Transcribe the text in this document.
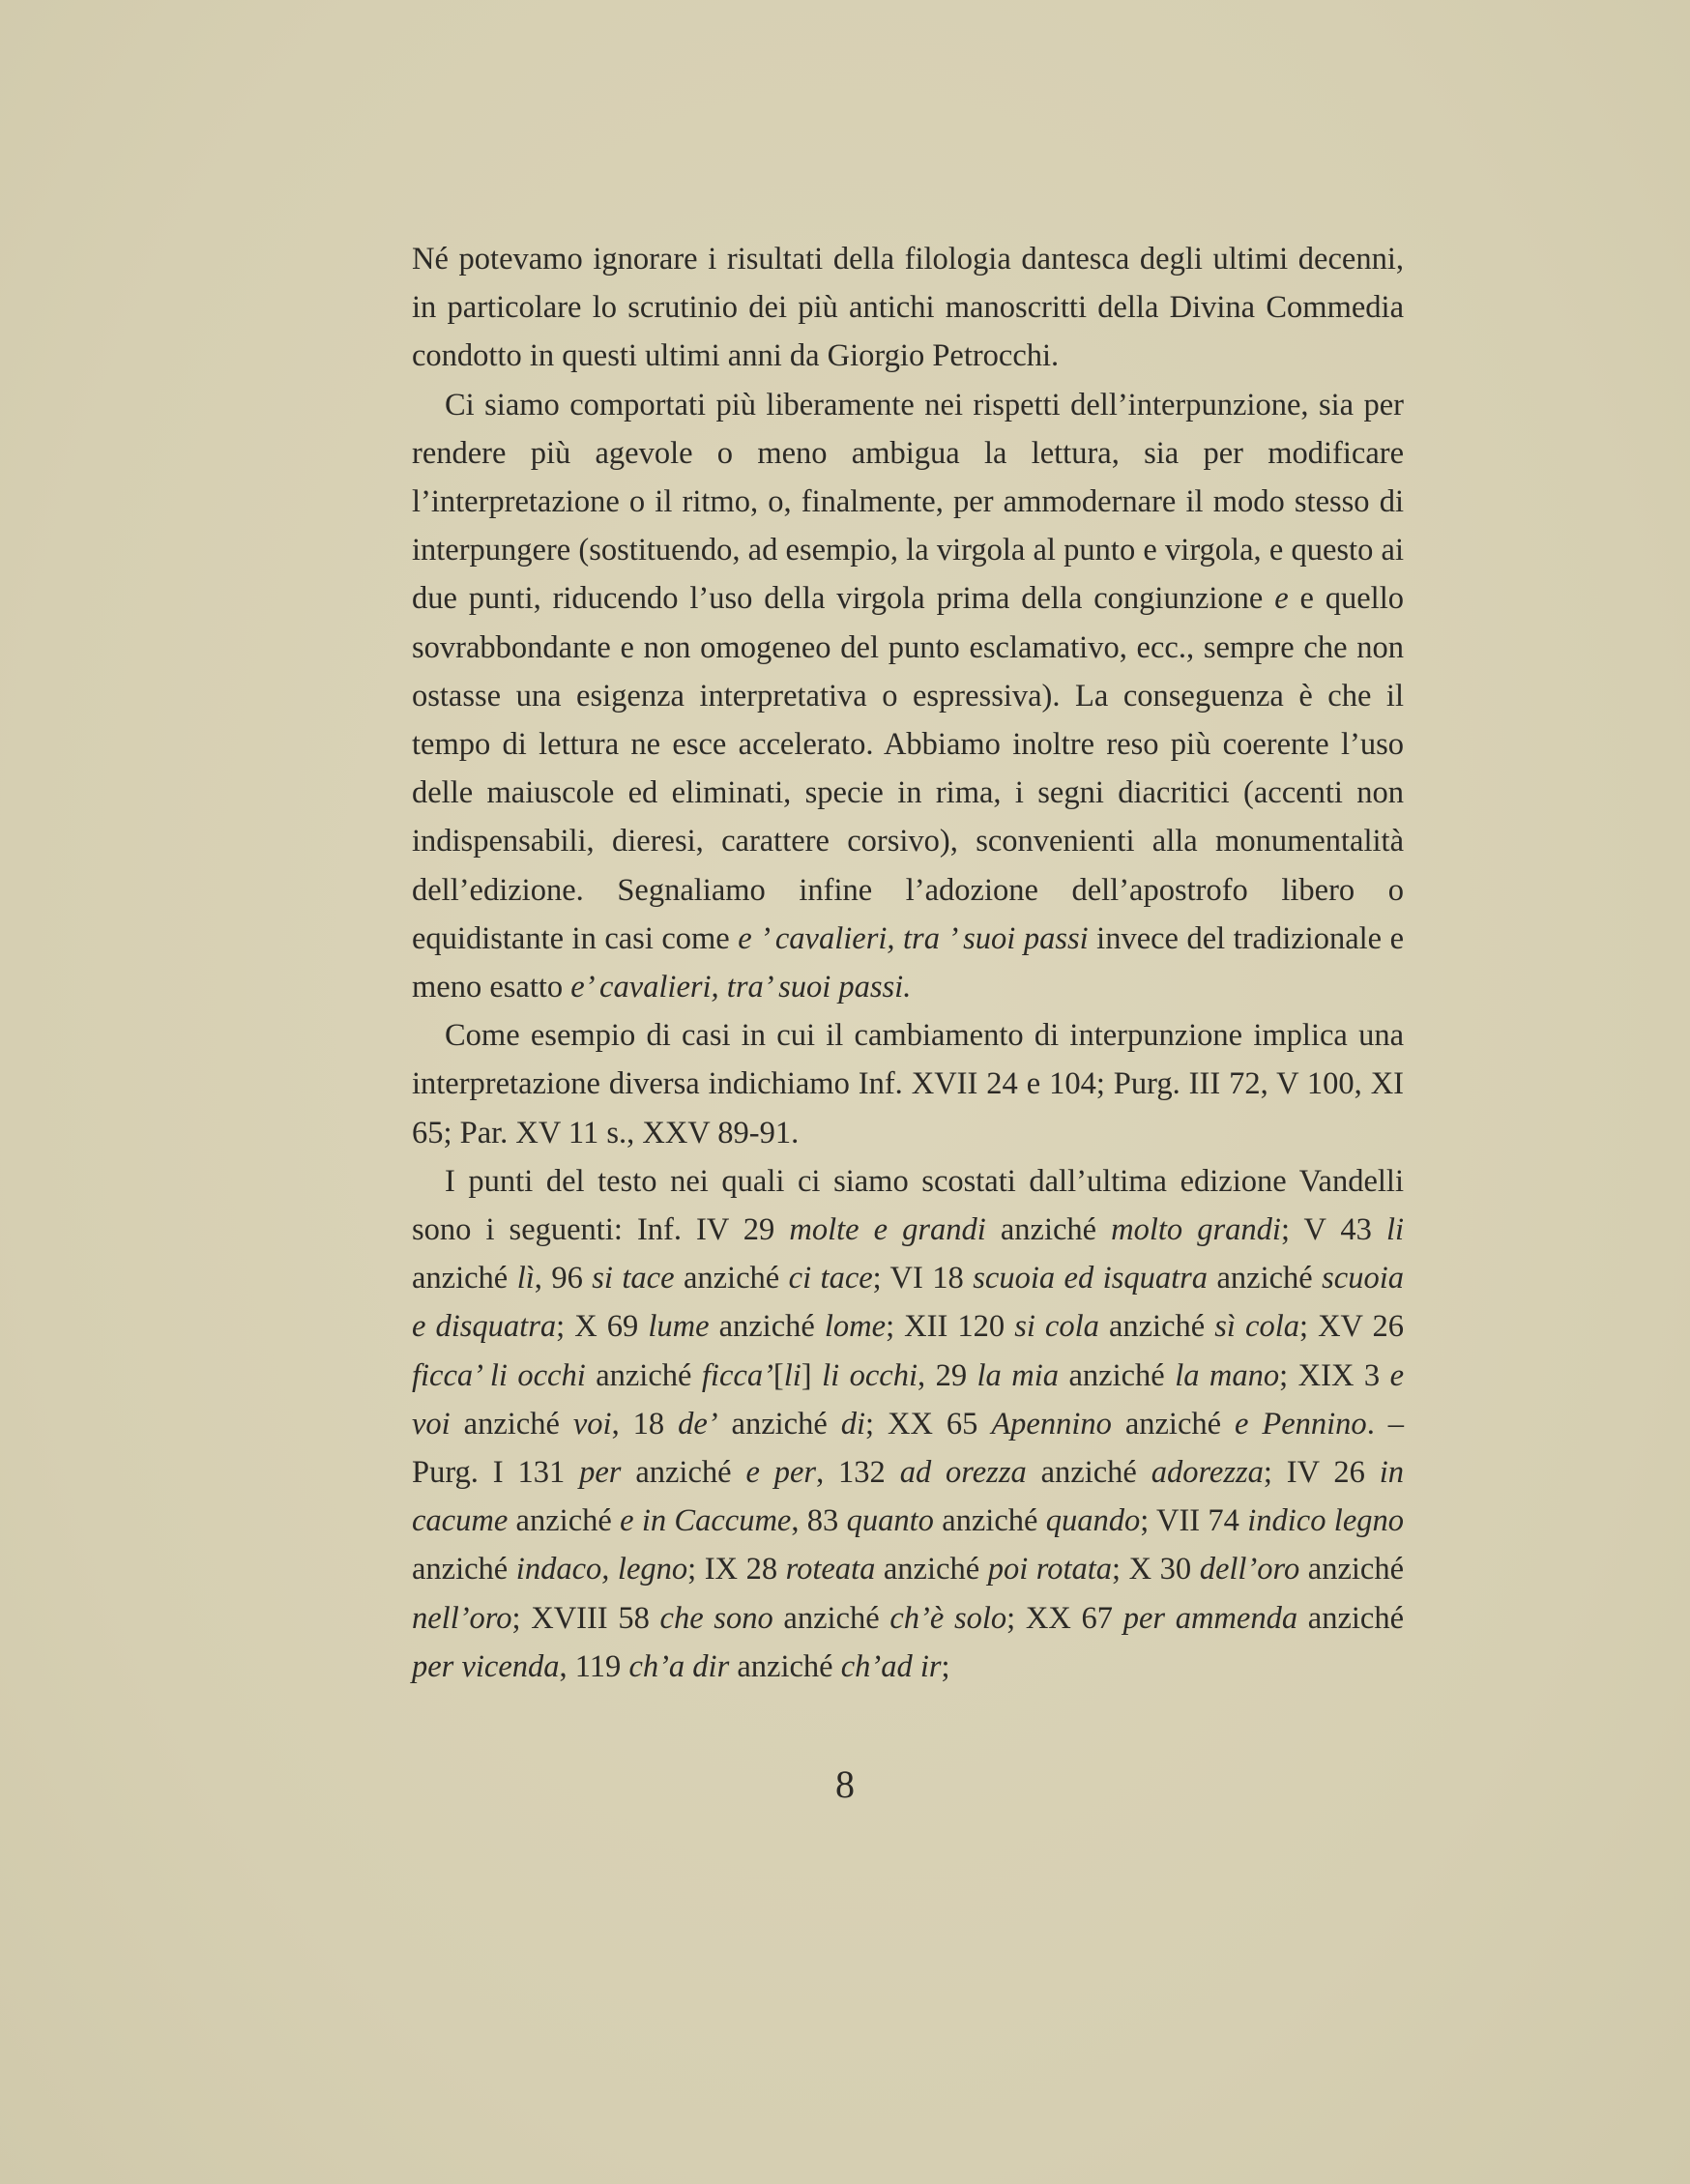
Né potevamo ignorare i risultati della filologia dantesca degli ultimi decenni, in particolare lo scrutinio dei più antichi manoscritti della Divina Commedia condotto in questi ultimi anni da Giorgio Petrocchi.

Ci siamo comportati più liberamente nei rispetti dell’interpunzione, sia per rendere più agevole o meno ambigua la lettura, sia per modificare l’interpretazione o il ritmo, o, finalmente, per ammodernare il modo stesso di interpungere (sostituendo, ad esempio, la virgola al punto e virgola, e questo ai due punti, riducendo l’uso della virgola prima della congiunzione e e quello sovrabbondante e non omogeneo del punto esclamativo, ecc., sempre che non ostasse una esigenza interpretativa o espressiva). La conseguenza è che il tempo di lettura ne esce accelerato. Abbiamo inoltre reso più coerente l’uso delle maiuscole ed eliminati, specie in rima, i segni diacritici (accenti non indispensabili, dieresi, carattere corsivo), sconvenienti alla monumentalità dell’edizione. Segnaliamo infine l’adozione dell’apostrofo libero o equidistante in casi come e ’ cavalieri, tra ’ suoi passi invece del tradizionale e meno esatto e’ cavalieri, tra’ suoi passi.

Come esempio di casi in cui il cambiamento di interpunzione implica una interpretazione diversa indichiamo Inf. XVII 24 e 104; Purg. III 72, V 100, XI 65; Par. XV 11 s., XXV 89-91.

I punti del testo nei quali ci siamo scostati dall’ultima edizione Vandelli sono i seguenti: Inf. IV 29 molte e grandi anziché molto grandi; V 43 li anziché lì, 96 si tace anziché ci tace; VI 18 scuoia ed isquatra anziché scuoia e disquatra; X 69 lume anziché lome; XII 120 si cola anziché sì cola; XV 26 ficca’ li occhi anziché ficca’[li] li occhi, 29 la mia anziché la mano; XIX 3 e voi anziché voi, 18 de’ anziché di; XX 65 Apennino anziché e Pennino. – Purg. I 131 per anziché e per, 132 ad orezza anziché adorezza; IV 26 in cacume anziché e in Caccume, 83 quanto anziché quando; VII 74 indico legno anziché indaco, legno; IX 28 roteata anziché poi rotata; X 30 dell’oro anziché nell’oro; XVIII 58 che sono anziché ch’è solo; XX 67 per ammenda anziché per vicenda, 119 ch’a dir anziché ch’ad ir;

8
